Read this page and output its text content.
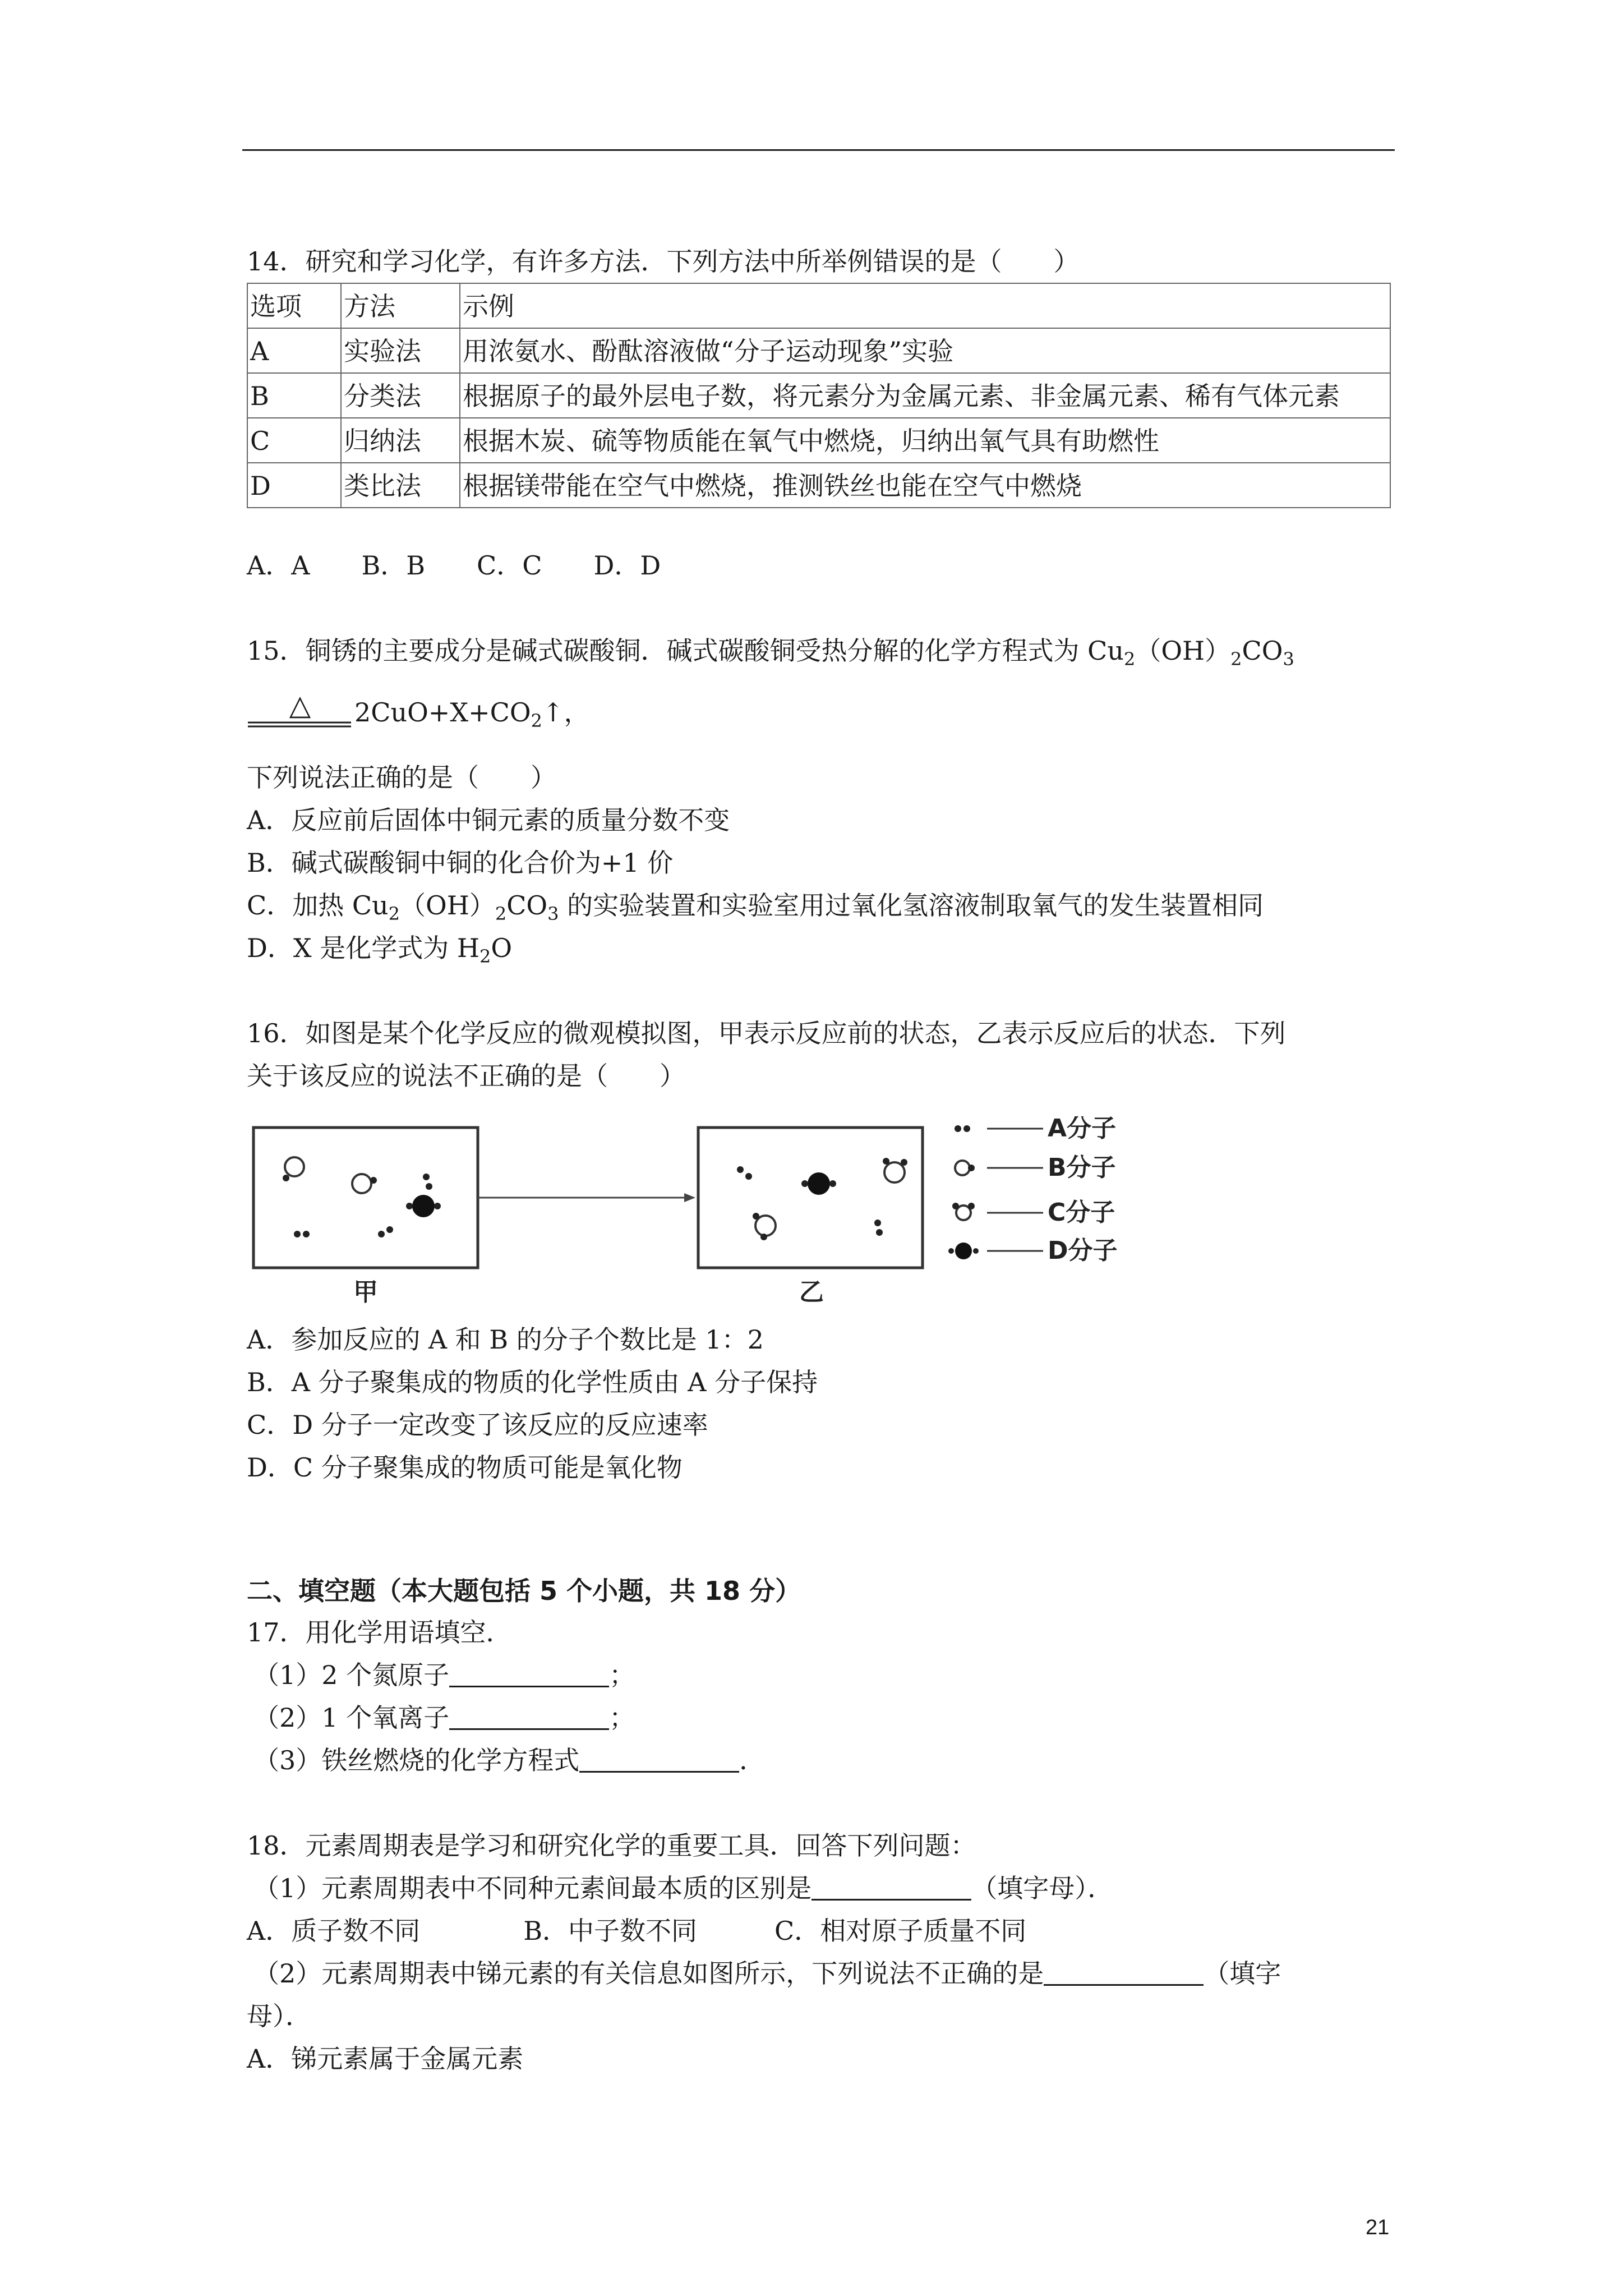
14．研究和学习化学，有许多方法．下列方法中所举例错误的是（　　）
选项	方法	示例
A	实验法	用浓氨水、酚酞溶液做“分子运动现象”实验
B	分类法	根据原子的最外层电子数，将元素分为金属元素、非金属元素、稀有气体元素
C	归纳法	根据木炭、硫等物质能在氧气中燃烧，归纳出氧气具有助燃性
D	类比法	根据镁带能在空气中燃烧，推测铁丝也能在空气中燃烧
A．A　　B．B　　C．C　　D．D
15．铜锈的主要成分是碱式碳酸铜．碱式碳酸铜受热分解的化学方程式为 $Cu_2(OH)_2CO_3$
△ $2CuO+X+CO_2↑$，
下列说法正确的是（　　）
A．反应前后固体中铜元素的质量分数不变
B．碱式碳酸铜中铜的化合价为+1 价
C．加热 $Cu_2(OH)_2CO_3$ 的实验装置和实验室用过氧化氢溶液制取氧气的发生装置相同
D．X 是化学式为 $H_2O$
16．如图是某个化学反应的微观模拟图，甲表示反应前的状态，乙表示反应后的状态．下列
关于该反应的说法不正确的是（　　）
甲	乙
A分子
B分子
C分子
D分子
A．参加反应的 A 和 B 的分子个数比是 1：2
B．A 分子聚集成的物质的化学性质由 A 分子保持
C．D 分子一定改变了该反应的反应速率
D．C 分子聚集成的物质可能是氧化物
二、填空题（本大题包括 5 个小题，共 18 分）
17．用化学用语填空．
（1）2 个氮原子	；
（2）1 个氧离子	；
（3）铁丝燃烧的化学方程式	．
18．元素周期表是学习和研究化学的重要工具．回答下列问题：
（1）元素周期表中不同种元素间最本质的区别是	（填字母）．
A．质子数不同　　　　B．中子数不同　　　C．相对原子质量不同
（2）元素周期表中锑元素的有关信息如图所示，下列说法不正确的是	（填字
母）．
A．锑元素属于金属元素
21
